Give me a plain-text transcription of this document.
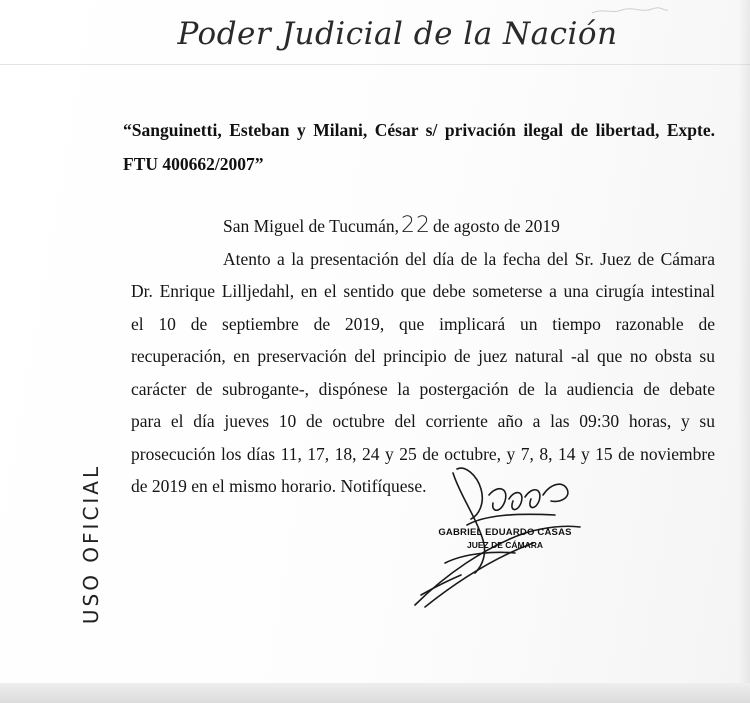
Poder Judicial de la Nación
“Sanguinetti, Esteban y Milani, César s/ privación ilegal de libertad, Expte. FTU 400662/2007”
San Miguel de Tucumán,22 de agosto de 2019
Atento a la presentación del día de la fecha del Sr. Juez de Cámara
Dr. Enrique Lilljedahl, en el sentido que debe someterse a una cirugía intestinal
el 10 de septiembre de 2019, que implicará un tiempo razonable de
recuperación, en preservación del principio de juez natural -al que no obsta su
carácter de subrogante-, dispónese la postergación de la audiencia de debate
para el día jueves 10 de octubre del corriente año a las 09:30 horas, y su
prosecución los días 11, 17, 18, 24 y 25 de octubre, y 7, 8, 14 y 15 de noviembre
de 2019 en el mismo horario. Notifíquese.
GABRIEL EDUARDO CASAS
JUEZ DE CÁMARA
USO OFICIAL
